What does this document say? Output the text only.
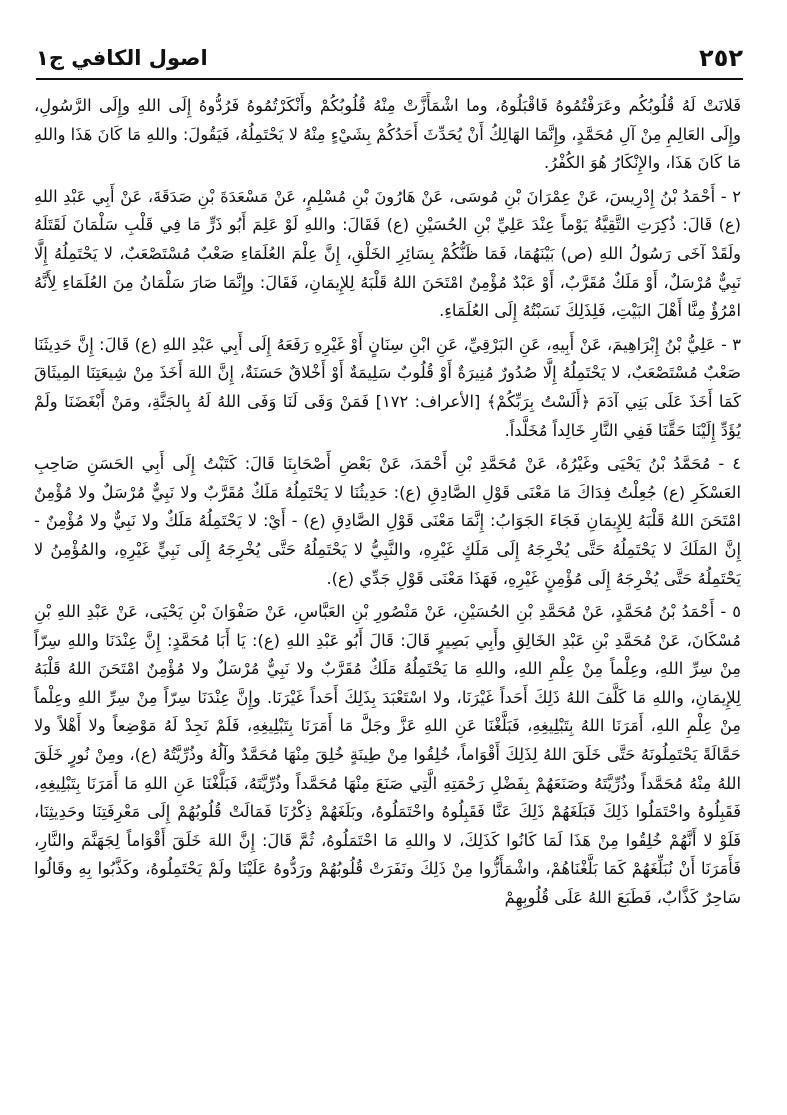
٢٥٢
اصول الكافي ج١

فَلانَتْ لَهُ قُلُوبُكُم وعَرَفْتُمُوهُ فَاقْبَلُوهُ، وما اشْمَأَزَّتْ مِنْهُ قُلُوبُكُمْ وأَنْكَرْتُمُوهُ فَرُدُّوهُ إِلَى اللهِ وإِلَى الرَّسُولِ، وإِلَى العَالِمِ مِنْ آلِ مُحَمَّدٍ، وإِنَّمَا الهَالِكُ أَنْ يُحَدِّثَ أَحَدُكُمْ بِشَيْءٍ مِنْهُ لا يَحْتَمِلُهُ، فَيَقُولَ: واللهِ مَا كَانَ هَذَا واللهِ مَا كَانَ هَذَا، والإِنْكَارُ هُوَ الكُفْرُ.

٢ - أَحْمَدُ بْنُ إِدْرِيسَ، عَنْ عِمْرَانَ بْنِ مُوسَى، عَنْ هَارُونَ بْنِ مُسْلِمٍ، عَنْ مَسْعَدَةَ بْنِ صَدَقَةَ، عَنْ أَبِي عَبْدِ اللهِ (ع) قَالَ: ذُكِرَتِ التَّقِيَّةُ يَوْماً عِنْدَ عَلِيِّ بْنِ الحُسَيْنِ (ع) فَقَالَ: واللهِ لَوْ عَلِمَ أَبُو ذَرٍّ مَا فِي قَلْبِ سَلْمَانَ لَقَتَلَهُ ولَقَدْ آخَى رَسُولُ اللهِ (ص) بَيْنَهُمَا، فَمَا ظَنُّكُمْ بِسَائِرِ الخَلْقِ، إِنَّ عِلْمَ العُلَمَاءِ صَعْبٌ مُسْتَصْعَبٌ، لا يَحْتَمِلُهُ إِلَّا نَبِيٌّ مُرْسَلٌ، أَوْ مَلَكٌ مُقَرَّبٌ، أَوْ عَبْدٌ مُؤْمِنٌ امْتَحَنَ اللهُ قَلْبَهُ لِلإِيمَانِ، فَقَالَ: وإِنَّمَا صَارَ سَلْمَانُ مِنَ العُلَمَاءِ لِأَنَّهُ امْرُؤٌ مِنَّا أَهْلَ البَيْتِ، فَلِذَلِكَ نَسَبْتُهُ إِلَى العُلَمَاءِ.

٣ - عَلِيُّ بْنُ إِبْرَاهِيمَ، عَنْ أَبِيهِ، عَنِ البَرْقِيِّ، عَنِ ابْنِ سِنَانٍ أَوْ غَيْرِهِ رَفَعَهُ إِلَى أَبِي عَبْدِ اللهِ (ع) قَالَ: إِنَّ حَدِيثَنَا صَعْبٌ مُسْتَصْعَبٌ، لا يَحْتَمِلُهُ إِلَّا صُدُورٌ مُنِيرَةٌ أَوْ قُلُوبٌ سَلِيمَةٌ أَوْ أَخْلاقٌ حَسَنَةٌ، إِنَّ اللهَ أَخَذَ مِنْ شِيعَتِنَا المِيثَاقَ كَمَا أَخَذَ عَلَى بَنِي آدَمَ ﴿أَلَسْتُ بِرَبِّكُمْ﴾ [الأعراف: ١٧٢] فَمَنْ وَفَى لَنَا وَفَى اللهُ لَهُ بِالجَنَّةِ، ومَنْ أَبْغَضَنَا ولَمْ يُؤَدِّ إِلَيْنَا حَقَّنَا فَفِي النَّارِ خَالِداً مُخَلَّداً.

٤ - مُحَمَّدُ بْنُ يَحْيَى وغَيْرُهُ، عَنْ مُحَمَّدِ بْنِ أَحْمَدَ، عَنْ بَعْضِ أَصْحَابِنَا قَالَ: كَتَبْتُ إِلَى أَبِي الحَسَنِ صَاحِبِ العَسْكَرِ (ع) جُعِلْتُ فِدَاكَ مَا مَعْنَى قَوْلِ الصَّادِقِ (ع): حَدِيثُنَا لا يَحْتَمِلُهُ مَلَكٌ مُقَرَّبٌ ولا نَبِيٌّ مُرْسَلٌ ولا مُؤْمِنٌ امْتَحَنَ اللهُ قَلْبَهُ لِلإِيمَانِ فَجَاءَ الجَوَابُ: إِنَّمَا مَعْنَى قَوْلِ الصَّادِقِ (ع) - أَيْ: لا يَحْتَمِلُهُ مَلَكٌ ولا نَبِيٌّ ولا مُؤْمِنٌ - إِنَّ المَلَكَ لا يَحْتَمِلُهُ حَتَّى يُخْرِجَهُ إِلَى مَلَكٍ غَيْرِهِ، والنَّبِيُّ لا يَحْتَمِلُهُ حَتَّى يُخْرِجَهُ إِلَى نَبِيٍّ غَيْرِهِ، والمُؤْمِنُ لا يَحْتَمِلُهُ حَتَّى يُخْرِجَهُ إِلَى مُؤْمِنٍ غَيْرِهِ، فَهَذَا مَعْنَى قَوْلِ جَدِّي (ع).

٥ - أَحْمَدُ بْنُ مُحَمَّدٍ، عَنْ مُحَمَّدِ بْنِ الحُسَيْنِ، عَنْ مَنْصُورِ بْنِ العَبَّاسِ، عَنْ صَفْوَانَ بْنِ يَحْيَى، عَنْ عَبْدِ اللهِ بْنِ مُسْكَانَ، عَنْ مُحَمَّدِ بْنِ عَبْدِ الخَالِقِ وأَبِي بَصِيرٍ قَالَ: قَالَ أَبُو عَبْدِ اللهِ (ع): يَا أَبَا مُحَمَّدٍ: إِنَّ عِنْدَنَا واللهِ سِرّاً مِنْ سِرِّ اللهِ، وعِلْماً مِنْ عِلْمِ اللهِ، واللهِ مَا يَحْتَمِلُهُ مَلَكٌ مُقَرَّبٌ ولا نَبِيٌّ مُرْسَلٌ ولا مُؤْمِنٌ امْتَحَنَ اللهُ قَلْبَهُ لِلإِيمَانِ، واللهِ مَا كَلَّفَ اللهُ ذَلِكَ أَحَداً غَيْرَنَا، ولا اسْتَعْبَدَ بِذَلِكَ أَحَداً غَيْرَنَا. وإِنَّ عِنْدَنَا سِرّاً مِنْ سِرِّ اللهِ وعِلْماً مِنْ عِلْمِ اللهِ، أَمَرَنَا اللهُ بِتَبْلِيغِهِ، فَبَلَّغْنَا عَنِ اللهِ عَزَّ وجَلَّ مَا أَمَرَنَا بِتَبْلِيغِهِ، فَلَمْ نَجِدْ لَهُ مَوْضِعاً ولا أَهْلاً ولا حَمَّالَةً يَحْتَمِلُونَهُ حَتَّى خَلَقَ اللهُ لِذَلِكَ أَقْوَاماً، خُلِقُوا مِنْ طِينَةٍ خُلِقَ مِنْهَا مُحَمَّدٌ وآلُهُ وذُرِّيَّتُهُ (ع)، ومِنْ نُورٍ خَلَقَ اللهُ مِنْهُ مُحَمَّداً وذُرِّيَّتَهُ وصَنَعَهُمْ بِفَضْلِ رَحْمَتِهِ الَّتِي صَنَعَ مِنْهَا مُحَمَّداً وذُرِّيَّتَهُ، فَبَلَّغْنَا عَنِ اللهِ مَا أَمَرَنَا بِتَبْلِيغِهِ، فَقَبِلُوهُ واحْتَمَلُوا ذَلِكَ فَبَلَغَهُمْ ذَلِكَ عَنَّا فَقَبِلُوهُ واحْتَمَلُوهُ، وبَلَغَهُمْ ذِكْرُنَا فَمَالَتْ قُلُوبُهُمْ إِلَى مَعْرِفَتِنَا وحَدِيثِنَا، فَلَوْ لا أَنَّهُمْ خُلِقُوا مِنْ هَذَا لَمَا كَانُوا كَذَلِكَ، لا واللهِ مَا احْتَمَلُوهُ، ثُمَّ قَالَ: إِنَّ اللهَ خَلَقَ أَقْوَاماً لِجَهَنَّمَ والنَّارِ، فَأَمَرَنَا أَنْ نُبَلِّغَهُمْ كَمَا بَلَّغْنَاهُمْ، واشْمَأَزُّوا مِنْ ذَلِكَ ونَفَرَتْ قُلُوبُهُمْ ورَدُّوهُ عَلَيْنَا ولَمْ يَحْتَمِلُوهُ، وكَذَّبُوا بِهِ وقَالُوا سَاحِرٌ كَذَّابٌ، فَطَبَعَ اللهُ عَلَى قُلُوبِهِمْ
